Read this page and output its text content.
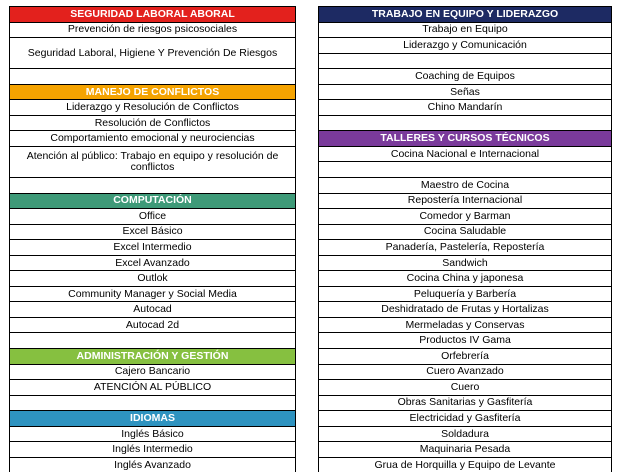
SEGURIDAD LABORAL ABORAL
Prevención de riesgos psicosociales
Seguridad Laboral, Higiene Y Prevención De Riesgos
MANEJO DE CONFLICTOS
Liderazgo y Resolución de Conflictos
Resolución de Conflictos
Comportamiento emocional y neurociencias
Atención al público: Trabajo en equipo y resolución de conflictos
COMPUTACIÓN
Office
Excel Básico
Excel Intermedio
Excel Avanzado
Outlok
Community Manager y Social Media
Autocad
Autocad 2d
ADMINISTRACIÓN Y GESTIÓN
Cajero Bancario
ATENCIÓN AL PÚBLICO
IDIOMAS
Inglés Básico
Inglés Intermedio
Inglés Avanzado
TRABAJO EN EQUIPO Y LIDERAZGO
Trabajo en Equipo
Liderazgo y Comunicación
Coaching de Equipos
Señas
Chino Mandarín
TALLERES Y CURSOS TÉCNICOS
Cocina Nacional e Internacional
Maestro de Cocina
Repostería Internacional
Comedor y Barman
Cocina Saludable
Panadería, Pastelería, Repostería
Sandwich
Cocina China y japonesa
Peluquería y Barbería
Deshidratado de Frutas y Hortalizas
Mermeladas y Conservas
Productos IV Gama
Orfebrería
Cuero Avanzado
Cuero
Obras Sanitarias y Gasfitería
Electricidad y Gasfitería
Soldadura
Maquinaria Pesada
Grua de Horquilla y Equipo de Levante
